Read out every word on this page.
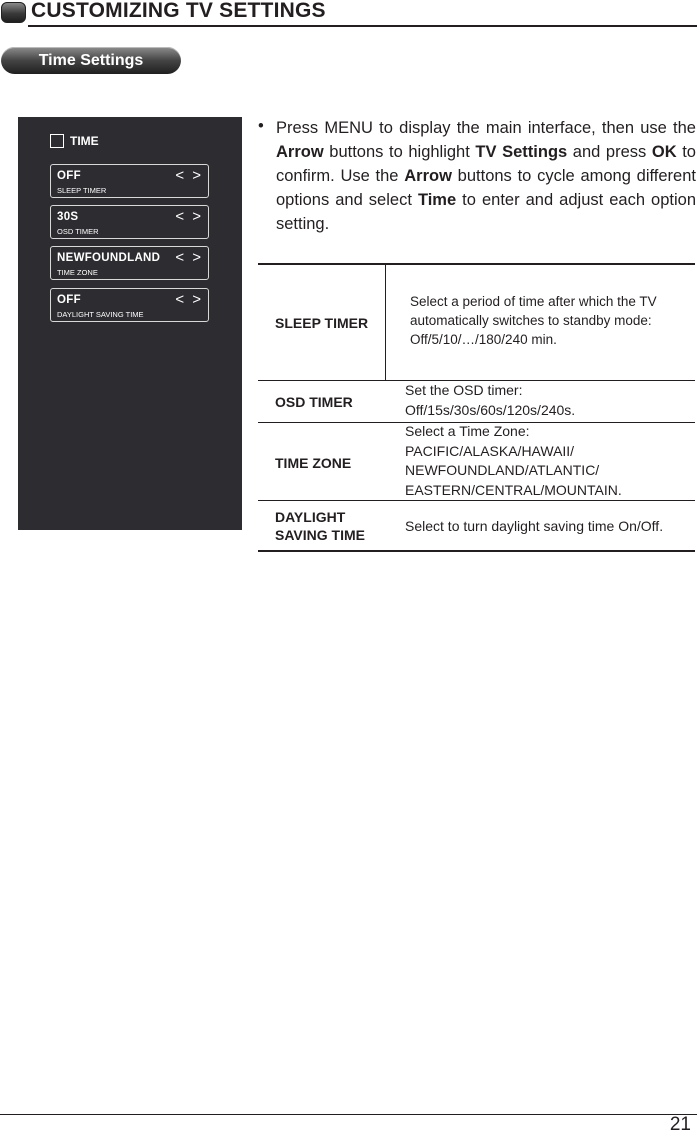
CUSTOMIZING TV SETTINGS
Time Settings
TIME
OFF
SLEEP TIMER
< >
30S
OSD TIMER
< >
NEWFOUNDLAND
TIME ZONE
< >
OFF
DAYLIGHT SAVING TIME
< >
• Press MENU to display the main interface, then use the Arrow buttons to highlight TV Settings and press OK to confirm. Use the Arrow buttons to cycle among different options and select Time to enter and adjust each option setting.
SLEEP TIMER
Select a period of time after which the TV
automatically switches to standby mode:
Off/5/10/…/180/240 min.
OSD TIMER
Set the OSD timer:
Off/15s/30s/60s/120s/240s.
TIME ZONE
Select a Time Zone:
PACIFIC/ALASKA/HAWAII/
NEWFOUNDLAND/ATLANTIC/
EASTERN/CENTRAL/MOUNTAIN.
DAYLIGHT
SAVING TIME
Select to turn daylight saving time On/Off.
21
